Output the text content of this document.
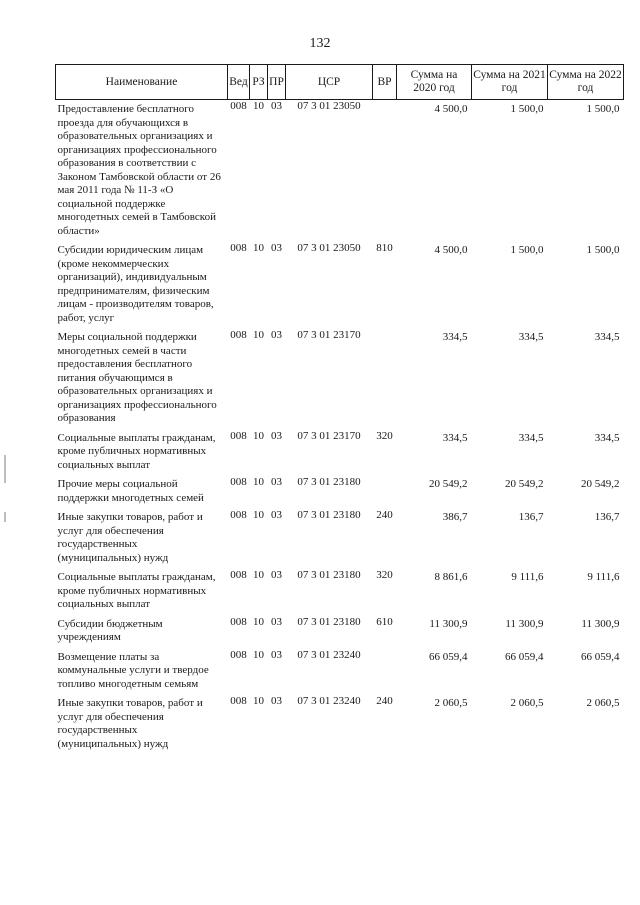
132
Наименование	Вед	РЗ	ПР	ЦСР	ВР	Сумма на 2020 год	Сумма на 2021 год	Сумма на 2022 год
Предоставление бесплатного проезда для обучающихся в образовательных организациях и организациях профессионального образования в соответствии с Законом Тамбовской области от 26 мая 2011 года № 11-З «О социальной поддержке многодетных семей в Тамбовской области»	008	10	03	07 3 01 23050		4 500,0	1 500,0	1 500,0
Субсидии юридическим лицам (кроме некоммерческих организаций), индивидуальным предпринимателям, физическим лицам - производителям товаров, работ, услуг	008	10	03	07 3 01 23050	810	4 500,0	1 500,0	1 500,0
Меры социальной поддержки многодетных семей в части предоставления бесплатного питания обучающимся в образовательных организациях и организациях профессионального образования	008	10	03	07 3 01 23170		334,5	334,5	334,5
Социальные выплаты гражданам, кроме публичных нормативных социальных выплат	008	10	03	07 3 01 23170	320	334,5	334,5	334,5
Прочие меры социальной поддержки многодетных семей	008	10	03	07 3 01 23180		20 549,2	20 549,2	20 549,2
Иные закупки товаров, работ и услуг для обеспечения государственных (муниципальных) нужд	008	10	03	07 3 01 23180	240	386,7	136,7	136,7
Социальные выплаты гражданам, кроме публичных нормативных социальных выплат	008	10	03	07 3 01 23180	320	8 861,6	9 111,6	9 111,6
Субсидии бюджетным учреждениям	008	10	03	07 3 01 23180	610	11 300,9	11 300,9	11 300,9
Возмещение платы за коммунальные услуги и твердое топливо многодетным семьям	008	10	03	07 3 01 23240		66 059,4	66 059,4	66 059,4
Иные закупки товаров, работ и услуг для обеспечения государственных (муниципальных) нужд	008	10	03	07 3 01 23240	240	2 060,5	2 060,5	2 060,5
